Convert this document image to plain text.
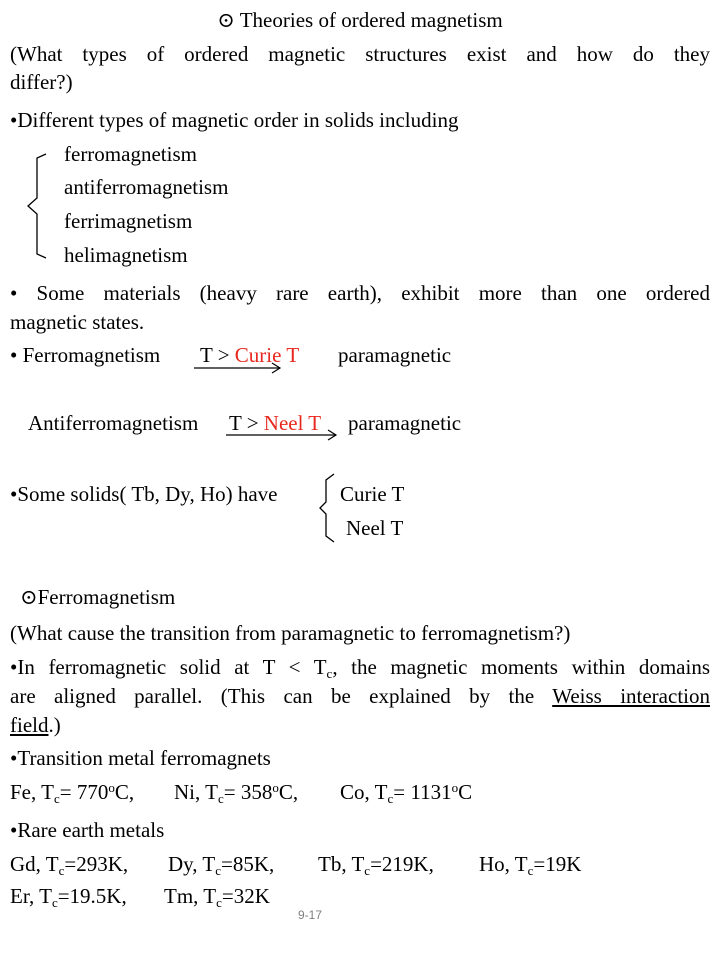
⊙ Theories of ordered magnetism
(What types of ordered magnetic structures exist and how do they
differ?)
•Different types of magnetic order in solids including
ferromagnetism
antiferromagnetism
ferrimagnetism
helimagnetism
• Some materials (heavy rare earth), exhibit more than one ordered
magnetic states.
• Ferromagnetism T > Curie T paramagnetic
Antiferromagnetism T > Neel T paramagnetic
•Some solids( Tb, Dy, Ho) have	Curie T
Neel T
⊙Ferromagnetism
(What cause the transition from paramagnetic to ferromagnetism?)
•In ferromagnetic solid at $T < T_c$, the magnetic moments within domains
are aligned parallel. (This can be explained by the Weiss interaction
field.)
•Transition metal ferromagnets
Fe, $T_c= 770^oC$, Ni, $T_c= 358^oC$, Co, $T_c= 1131^oC$
•Rare earth metals
Gd, $T_c=293K$, Dy, $T_c=85K$, Tb, $T_c=219K$, Ho, $T_c=19K$
Er, $T_c=19.5K$, Tm, $T_c=32K$
9-17
